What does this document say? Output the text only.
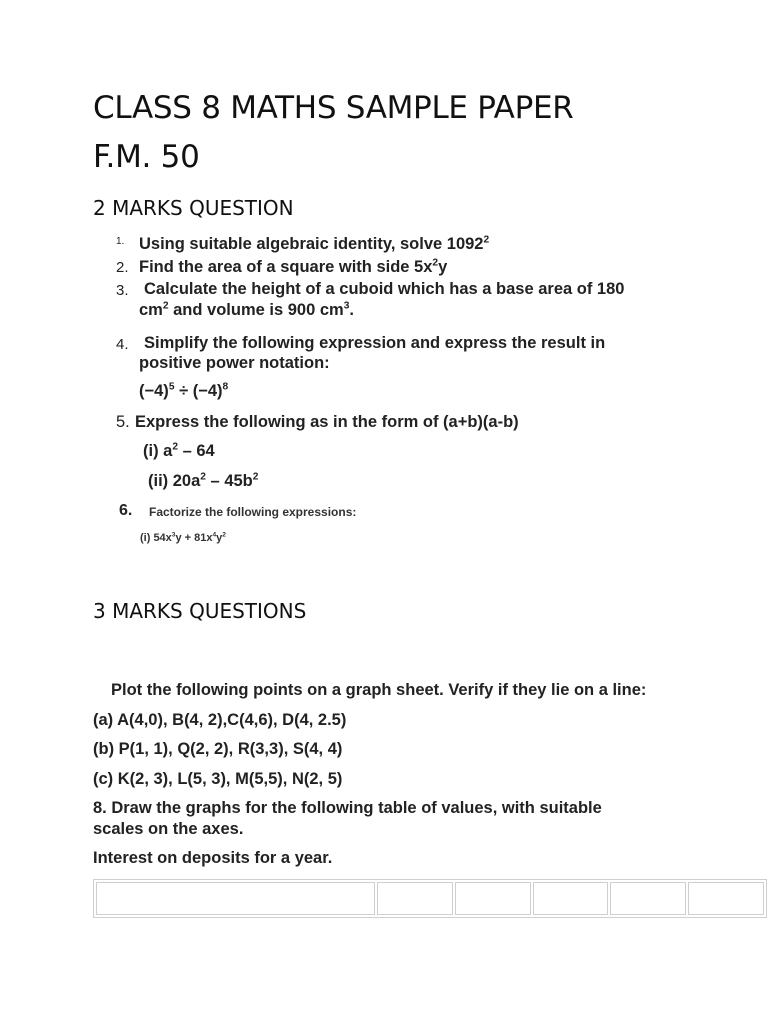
CLASS 8 MATHS SAMPLE PAPER
F.M. 50
2 MARKS QUESTION
1. Using suitable algebraic identity, solve 1092$^2$
2. Find the area of a square with side $5x^2y$
3. Calculate the height of a cuboid which has a base area of 180
$cm^2$ and volume is 900 $cm^3$.
4. Simplify the following expression and express the result in
positive power notation:
$(-4)^5 \div (-4)^8$
5. Express the following as in the form of (a+b)(a-b)
(i) $a^2 - 64$
(ii) $20a^2 - 45b^2$
6. Factorize the following expressions:
(i) $54x^3y + 81x^4y^2$
3 MARKS QUESTIONS
Plot the following points on a graph sheet. Verify if they lie on a line:
(a) A(4,0), B(4, 2),C(4,6), D(4, 2.5)
(b) P(1, 1), Q(2, 2), R(3,3), S(4, 4)
(c) K(2, 3), L(5, 3), M(5,5), N(2, 5)
8. Draw the graphs for the following table of values, with suitable
scales on the axes.
Interest on deposits for a year.
